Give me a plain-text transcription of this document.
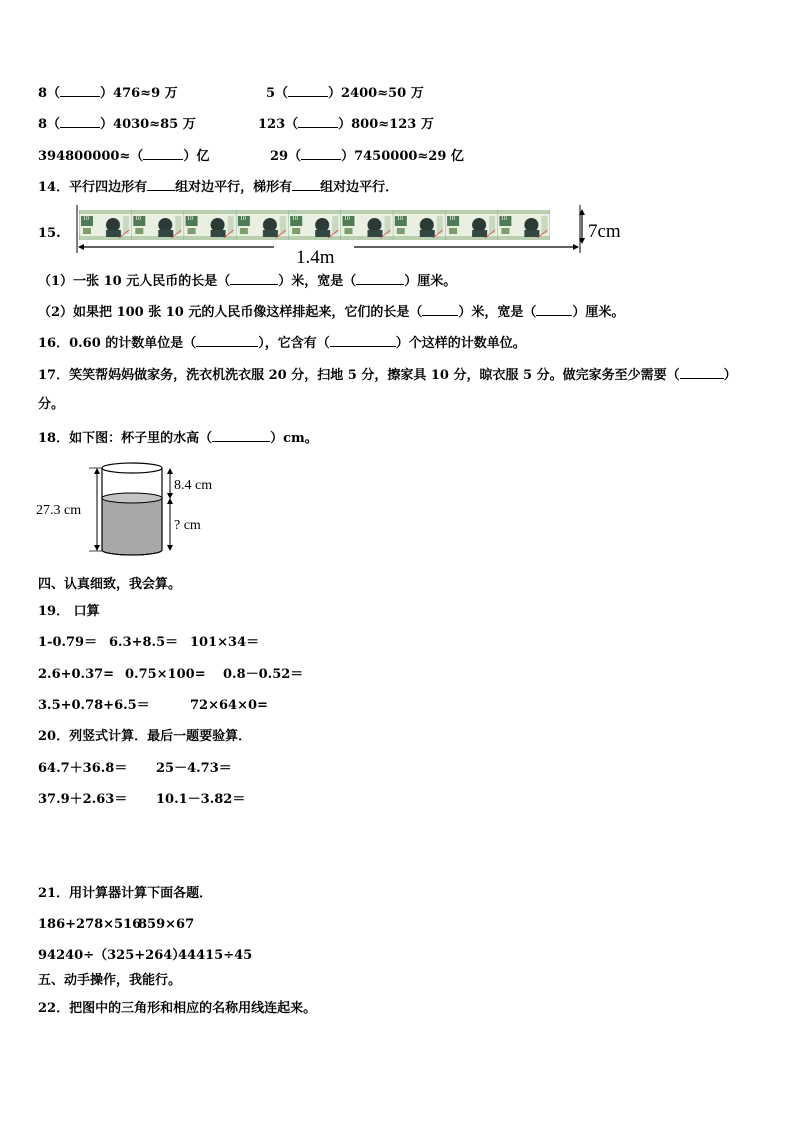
8（	）476≈9 万	5（	）2400≈50 万
8（	）4030≈85 万	123（	）800≈123 万
394800000≈（	）亿	29（	）7450000≈29 亿
14．平行四边形有 组对边平行，梯形有 组对边平行．
15.
10	10	10	10	10	10	10	10	10
7cm
1.4m
（1）一张 10 元人民币的长是（	）米，宽是（	）厘米。
（2）如果把 100 张 10 元的人民币像这样排起来，它们的长是（	）米，宽是（	）厘米。
16．0.60 的计数单位是（	），它含有（	）个这样的计数单位。
17．笑笑帮妈妈做家务，洗衣机洗衣服 20 分，扫地 5 分，擦家具 10 分，晾衣服 5 分。做完家务至少需要（	）
分。
18．如下图：杯子里的水高（	）cm。
27.3 cm
8.4 cm
? cm
四、认真细致，我会算。
19． 口算
1-0.79＝ 6.3+8.5＝ 101×34＝
2.6+0.37= 0.75×100= 0.8－0.52＝
3.5+0.78+6.5＝	72×64×0=
20．列竖式计算．最后一题要验算．
64.7＋36.8＝ 25－4.73＝
37.9＋2.63＝ 10.1－3.82＝
21．用计算器计算下面各题．
186+278×516
859×67
94240÷（325+264）
44415÷45
五、动手操作，我能行。
22．把图中的三角形和相应的名称用线连起来。
